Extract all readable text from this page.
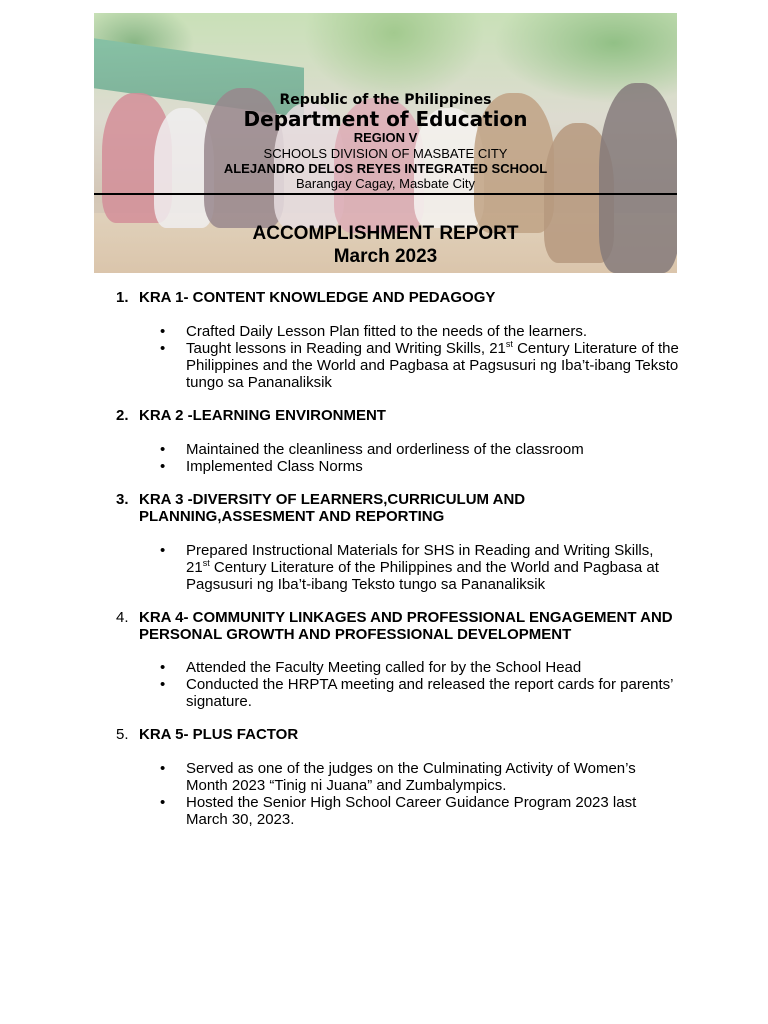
Republic of the Philippines
Department of Education
REGION V
SCHOOLS DIVISION OF MASBATE CITY
ALEJANDRO DELOS REYES INTEGRATED SCHOOL
Barangay Cagay, Masbate City
ACCOMPLISHMENT REPORT
March 2023
1. KRA 1- CONTENT KNOWLEDGE AND PEDAGOGY

• Crafted Daily Lesson Plan fitted to the needs of the learners.

• Taught lessons in Reading and Writing Skills, 21st Century Literature of the Philippines and the World and Pagbasa at Pagsusuri ng Iba’t-ibang Teksto tungo sa Pananaliksik

2. KRA 2 -LEARNING ENVIRONMENT

• Maintained the cleanliness and orderliness of the classroom

• Implemented Class Norms

3. KRA 3 -DIVERSITY OF LEARNERS,CURRICULUM AND PLANNING,ASSESMENT AND REPORTING

• Prepared Instructional Materials for SHS in Reading and Writing Skills, 21st Century Literature of the Philippines and the World and Pagbasa at Pagsusuri ng Iba’t-ibang Teksto tungo sa Pananaliksik

4. KRA 4- COMMUNITY LINKAGES AND PROFESSIONAL ENGAGEMENT AND PERSONAL GROWTH AND PROFESSIONAL DEVELOPMENT

• Attended the Faculty Meeting called for by the School Head

• Conducted the HRPTA meeting and released the report cards for parents’ signature.

5. KRA 5- PLUS FACTOR

• Served as one of the judges on the Culminating Activity of Women’s Month 2023 “Tinig ni Juana” and Zumbalympics.

• Hosted the Senior High School Career Guidance Program 2023 last March 30, 2023.
